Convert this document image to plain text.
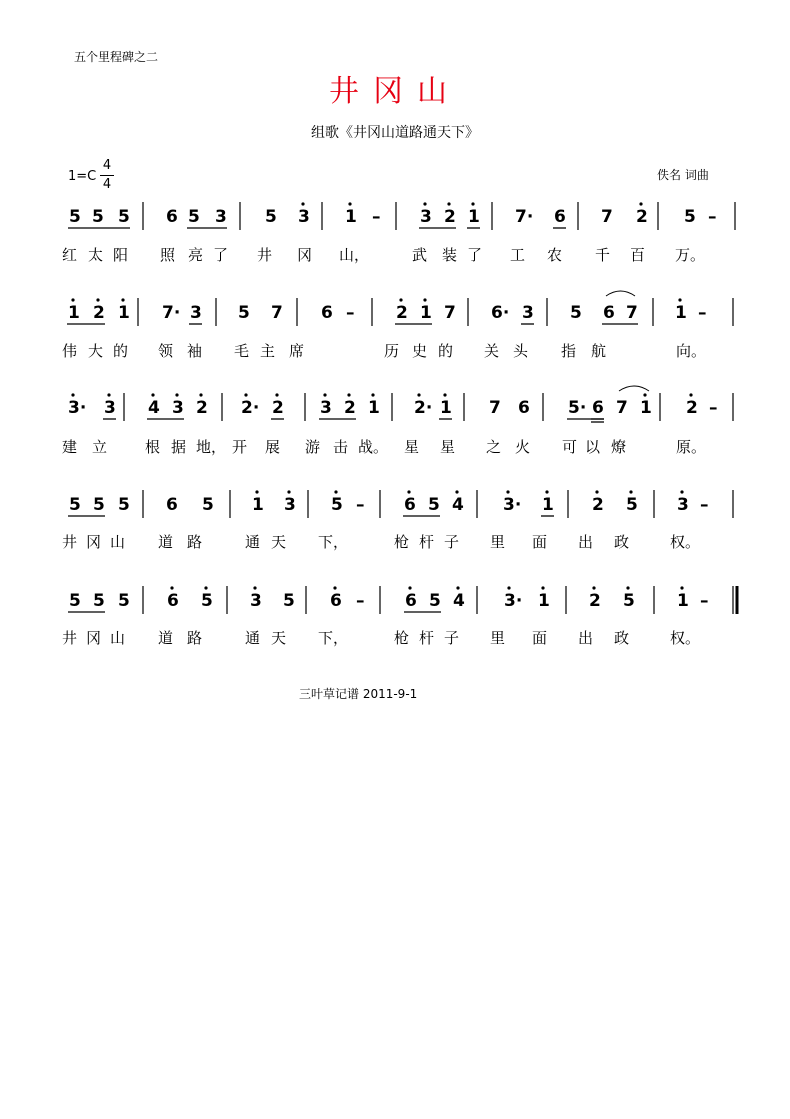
五个里程碑之二
井冈山
组歌《井冈山道路通天下》
1=C
4
4
佚名 词曲
5 5 5 6 5 3 5 3 1 – 3 2 1 7· 6 7 2 5 –
红 太 阳 照 亮 了 井 冈 山，	武 装 了 工 农 千 百 万。
1 2 1 7· 3 5 7 6 – 2 1 7 6· 3 5 6 7 1 –
伟 大 的 领 袖 毛 主 席	历 史 的 关 头 指 航	向。
3· 3 4 3 2 2· 2 3 2 1 2· 1 7 6 5· 6 7 1 2 –
建 立	根 据 地， 开 展 游 击 战。 星 星 之 火 可 以 燎	原。
5 5 5 6 5 1 3 5 – 6 5 4 3· 1 2 5 3 –
井 冈 山 道 路	通 天 下，	枪 杆 子 里 面 出 政	权。
5 5 5 6 5 3 5 6 – 6 5 4 3· 1 2 5 1 –
井 冈 山 道 路	通 天 下，	枪 杆 子 里 面 出 政	权。
三叶草记谱 2011-9-1
